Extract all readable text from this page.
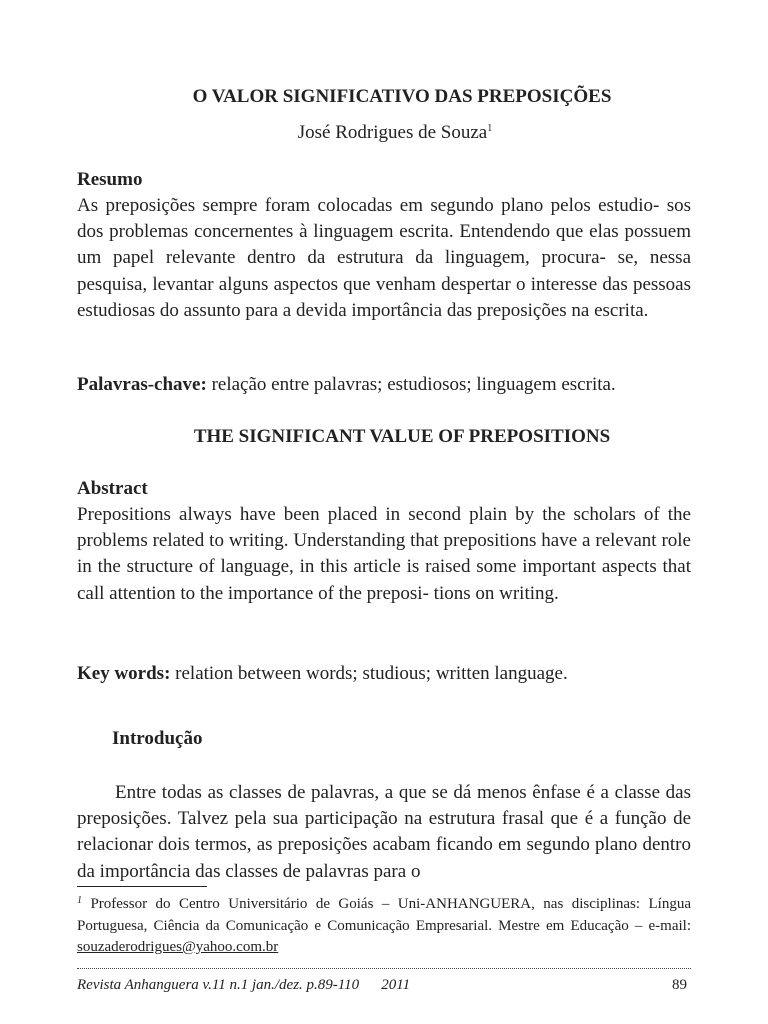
O VALOR SIGNIFICATIVO DAS PREPOSIÇÕES
José Rodrigues de Souza$^1$
Resumo

As preposições sempre foram colocadas em segundo plano pelos estudio- sos dos problemas concernentes à linguagem escrita. Entendendo que elas possuem um papel relevante dentro da estrutura da linguagem, procura- se, nessa pesquisa, levantar alguns aspectos que venham despertar o interesse das pessoas estudiosas do assunto para a devida importância das preposições na escrita.

Palavras-chave: relação entre palavras; estudiosos; linguagem escrita.
THE SIGNIFICANT VALUE OF PREPOSITIONS
Abstract

Prepositions always have been placed in second plain by the scholars of the problems related to writing. Understanding that prepositions have a relevant role in the structure of language, in this article is raised some important aspects that call attention to the importance of the preposi- tions on writing.

Key words: relation between words; studious; written language.
Introdução

Entre todas as classes de palavras, a que se dá menos ênfase é a classe das preposições. Talvez pela sua participação na estrutura frasal que é a função de relacionar dois termos, as preposições acabam ficando em segundo plano dentro da importância das classes de palavras para o

$^1$ Professor do Centro Universitário de Goiás – Uni-ANHANGUERA, nas disciplinas: Língua Portuguesa, Ciência da Comunicação e Comunicação Empresarial. Mestre em Educação – e-mail: souzaderodrigues@yahoo.com.br
Revista Anhanguera v.11 n.1 jan./dez. p.89-110 2011	89
